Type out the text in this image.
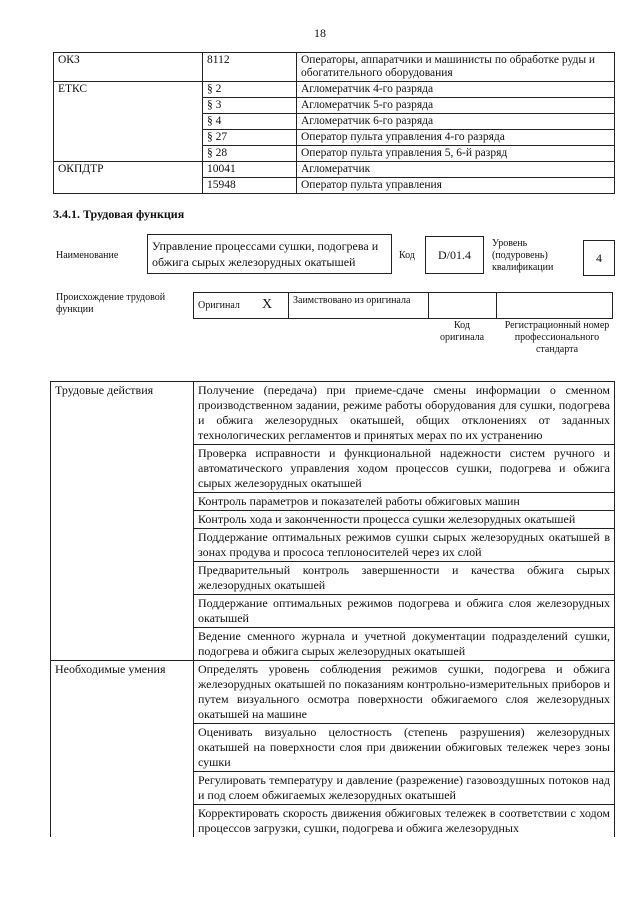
18
ОКЗ	8112	Операторы, аппаратчики и машинисты по обработке руды и обогатительного оборудования
ЕТКС	§ 2	Агломератчик 4-го разряда
	§ 3	Агломератчик 5-го разряда
	§ 4	Агломератчик 6-го разряда
	§ 27	Оператор пульта управления 4-го разряда
	§ 28	Оператор пульта управления 5, 6-й разряд
ОКПДТР	10041	Агломератчик
	15948	Оператор пульта управления
3.4.1. Трудовая функция
Наименование
Управление процессами сушки, подогрева и обжига сырых железорудных окатышей	Код	D/01.4
Уровень (подуровень) квалификации
4
Происхождение трудовой функции	Оригинал X	Заимствовано из оригинала
Код оригинала
Регистрационный номер профессионального стандарта
Трудовые действия	Получение (передача) при приеме-сдаче смены информации о сменном производственном задании, режиме работы оборудования для сушки, подогрева и обжига железорудных окатышей, общих отклонениях от заданных технологических регламентов и принятых мерах по их устранению
	Проверка исправности и функциональной надежности систем ручного и автоматического управления ходом процессов сушки, подогрева и обжига сырых железорудных окатышей
	Контроль параметров и показателей работы обжиговых машин
	Контроль хода и законченности процесса сушки железорудных окатышей
	Поддержание оптимальных режимов сушки сырых железорудных окатышей в зонах продува и прососа теплоносителей через их слой
	Предварительный контроль завершенности и качества обжига сырых железорудных окатышей
	Поддержание оптимальных режимов подогрева и обжига слоя железорудных окатышей
	Ведение сменного журнала и учетной документации подразделений сушки, подогрева и обжига сырых железорудных окатышей
Необходимые умения	Определять уровень соблюдения режимов сушки, подогрева и обжига железорудных окатышей по показаниям контрольно-измерительных приборов и путем визуального осмотра поверхности обжигаемого слоя железорудных окатышей на машине
	Оценивать визуально целостность (степень разрушения) железорудных окатышей на поверхности слоя при движении обжиговых тележек через зоны сушки
	Регулировать температуру и давление (разрежение) газовоздушных потоков над и под слоем обжигаемых железорудных окатышей
	Корректировать скорость движения обжиговых тележек в соответствии с ходом процессов загрузки, сушки, подогрева и обжига железорудных
